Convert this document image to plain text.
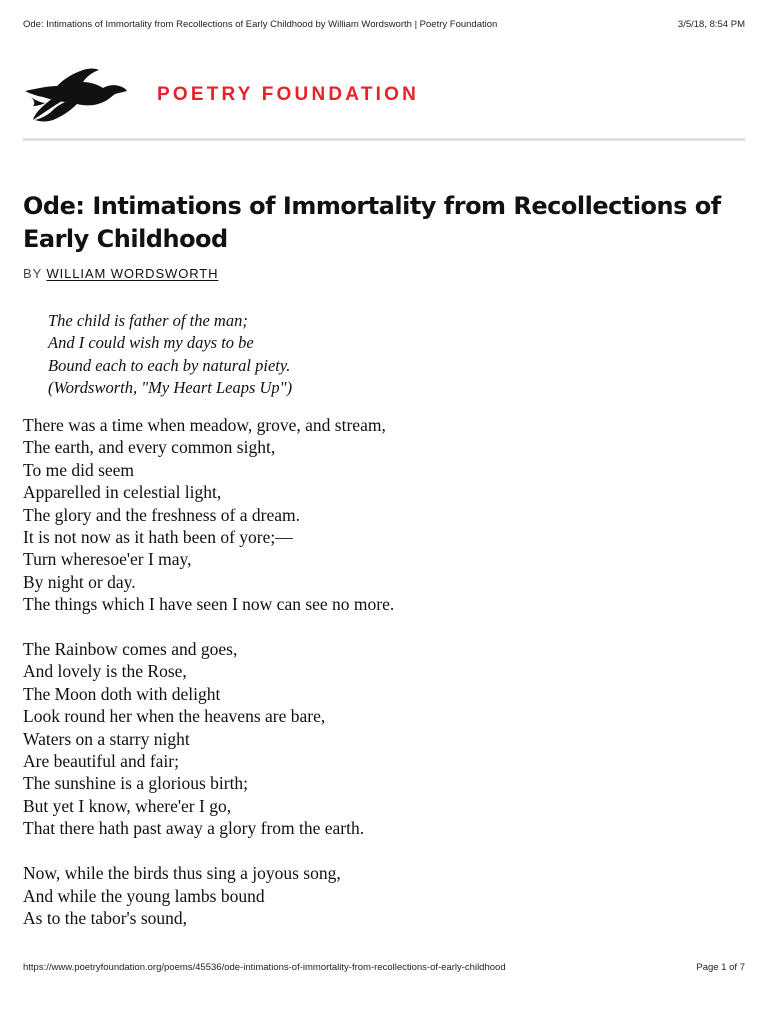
Ode: Intimations of Immortality from Recollections of Early Childhood by William Wordsworth | Poetry Foundation	3/5/18, 8:54 PM
POETRY FOUNDATION
Ode: Intimations of Immortality from Recollections of Early Childhood
BY WILLIAM WORDSWORTH
The child is father of the man;
And I could wish my days to be
Bound each to each by natural piety.
(Wordsworth, "My Heart Leaps Up")
There was a time when meadow, grove, and stream,
The earth, and every common sight,
To me did seem
Apparelled in celestial light,
The glory and the freshness of a dream.
It is not now as it hath been of yore;—
Turn wheresoe'er I may,
By night or day.
The things which I have seen I now can see no more.
The Rainbow comes and goes,
And lovely is the Rose,
The Moon doth with delight
Look round her when the heavens are bare,
Waters on a starry night
Are beautiful and fair;
The sunshine is a glorious birth;
But yet I know, where'er I go,
That there hath past away a glory from the earth.
Now, while the birds thus sing a joyous song,
And while the young lambs bound
As to the tabor's sound,
https://www.poetryfoundation.org/poems/45536/ode-intimations-of-immortality-from-recollections-of-early-childhood	Page 1 of 7
